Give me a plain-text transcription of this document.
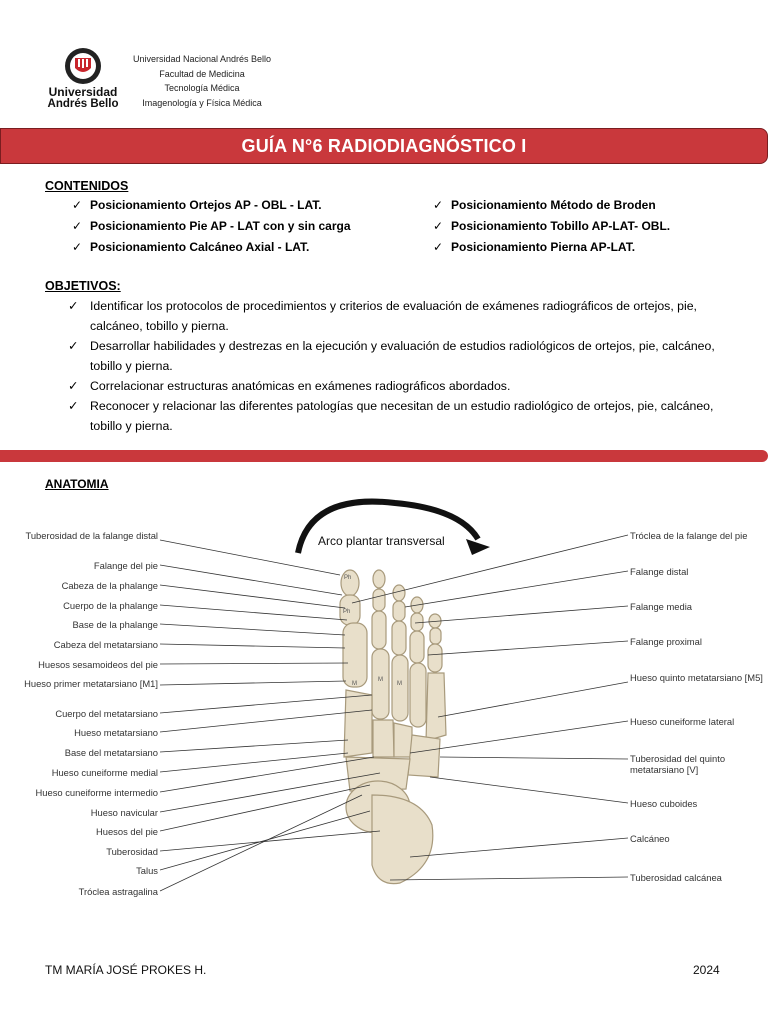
Universidad
Andrés Bello
Universidad Nacional Andrés Bello
Facultad de Medicina
Tecnología Médica
Imagenología y Física Médica
GUÍA N°6 RADIODIAGNÓSTICO I
CONTENIDOS
✓ Posicionamiento Ortejos AP - OBL - LAT.
✓ Posicionamiento Pie AP - LAT con y sin carga
✓ Posicionamiento Calcáneo Axial - LAT.
✓ Posicionamiento Método de Broden
✓ Posicionamiento Tobillo AP-LAT- OBL.
✓ Posicionamiento Pierna AP-LAT.
OBJETIVOS:
✓ Identificar los protocolos de procedimientos y criterios de evaluación de exámenes radiográficos de ortejos, pie, calcáneo, tobillo y pierna.
✓ Desarrollar habilidades y destrezas en la ejecución y evaluación de estudios radiológicos de ortejos, pie, calcáneo, tobillo y pierna.
✓ Correlacionar estructuras anatómicas en exámenes radiográficos abordados.
✓ Reconocer y relacionar las diferentes patologías que necesitan de un estudio radiológico de ortejos, pie, calcáneo, tobillo y pierna.
ANATOMIA
Ph
Ph
M
M
M
Arco plantar transversal
Tuberosidad de la falange distal
Falange del pie
Cabeza de la phalange
Cuerpo de la phalange
Base de la phalange
Cabeza del metatarsiano
Huesos sesamoideos del pie
Hueso primer metatarsiano [M1]
Cuerpo del metatarsiano
Hueso metatarsiano
Base del metatarsiano
Hueso cuneiforme medial
Hueso cuneiforme intermedio
Hueso navicular
Huesos del pie
Tuberosidad
Talus
Tróclea astragalina
Tróclea de la falange del pie
Falange distal
Falange media
Falange proximal
Hueso quinto metatarsiano [M5]
Hueso cuneiforme lateral
Tuberosidad del quinto metatarsiano [V]
Hueso cuboides
Calcáneo
Tuberosidad calcánea
TM MARÍA JOSÉ PROKES H.	2024
